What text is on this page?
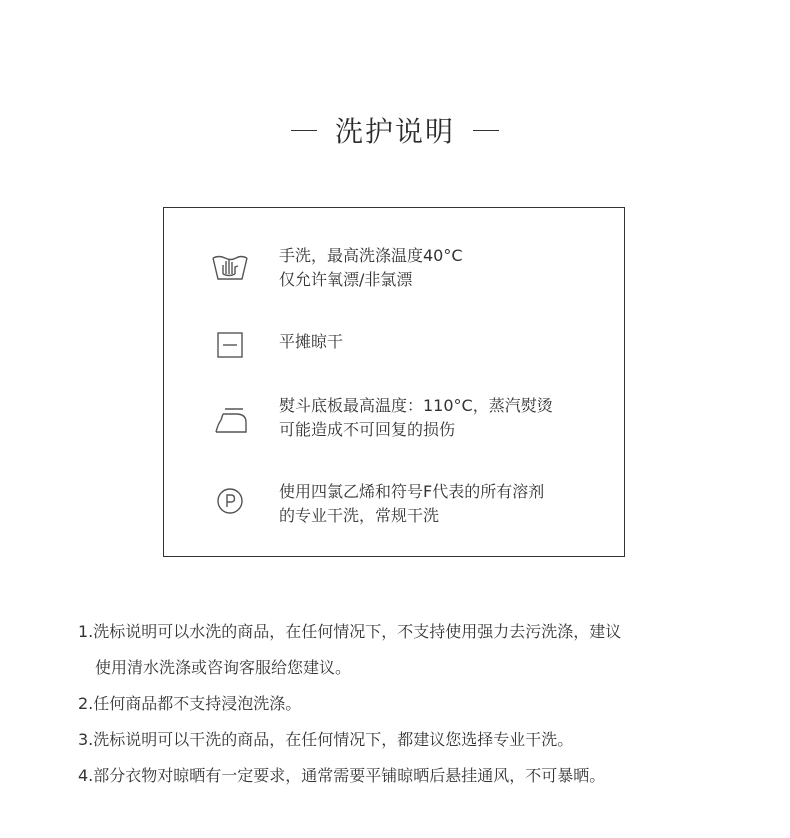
洗护说明
手洗，最高洗涤温度40°C
仅允许氧漂/非氯漂
平摊晾干
熨斗底板最高温度：110°C，蒸汽熨烫
可能造成不可回复的损伤
使用四氯乙烯和符号F代表的所有溶剂
的专业干洗，常规干洗
1.洗标说明可以水洗的商品，在任何情况下，不支持使用强力去污洗涤，建议
使用清水洗涤或咨询客服给您建议。
2.任何商品都不支持浸泡洗涤。
3.洗标说明可以干洗的商品，在任何情况下，都建议您选择专业干洗。
4.部分衣物对晾晒有一定要求，通常需要平铺晾晒后悬挂通风，不可暴晒。
